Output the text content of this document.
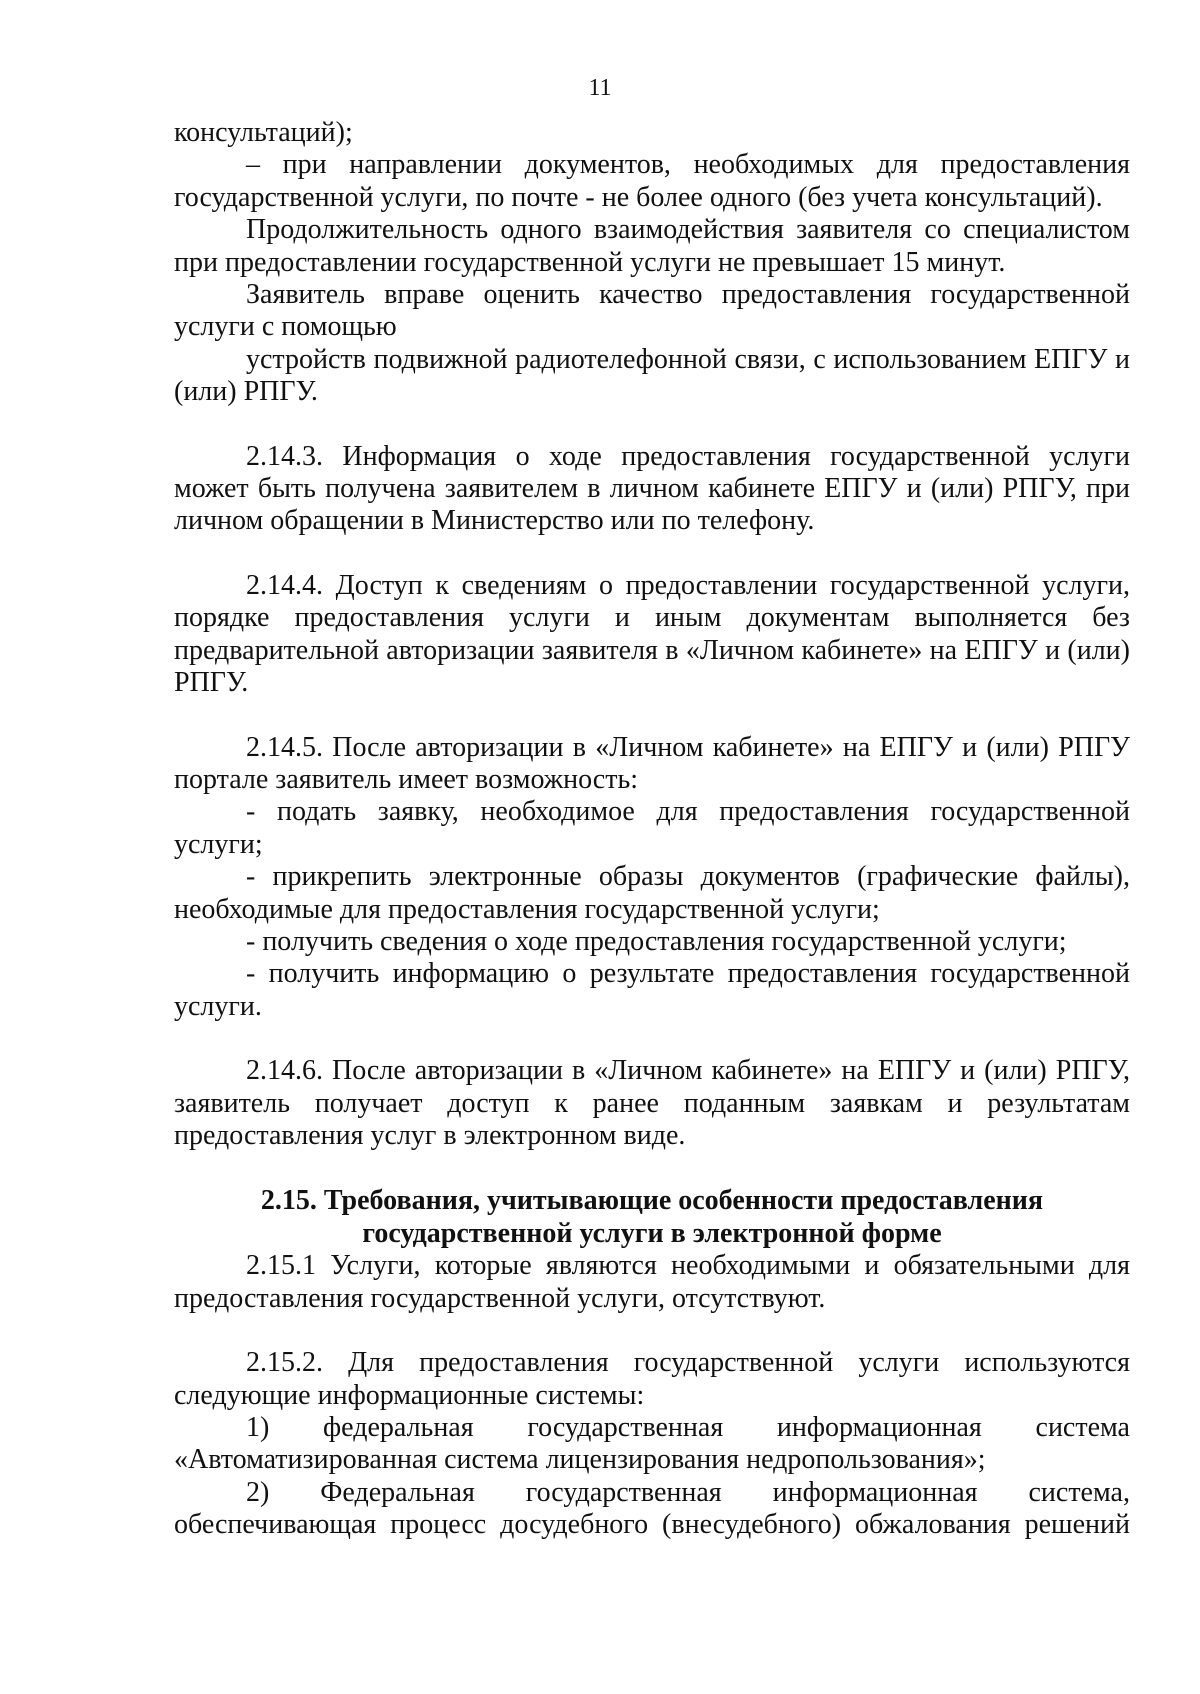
11

консультаций);

– при направлении документов, необходимых для предоставления государственной услуги, по почте - не более одного (без учета консультаций).

Продолжительность одного взаимодействия заявителя со специалистом при предоставлении государственной услуги не превышает 15 минут.

Заявитель вправе оценить качество предоставления государственной услуги с помощью

устройств подвижной радиотелефонной связи, с использованием ЕПГУ и (или) РПГУ.

2.14.3. Информация о ходе предоставления государственной услуги может быть получена заявителем в личном кабинете ЕПГУ и (или) РПГУ, при личном обращении в Министерство или по телефону.

2.14.4. Доступ к сведениям о предоставлении государственной услуги, порядке предоставления услуги и иным документам выполняется без предварительной авторизации заявителя в «Личном кабинете» на ЕПГУ и (или) РПГУ.

2.14.5. После авторизации в «Личном кабинете» на ЕПГУ и (или) РПГУ портале заявитель имеет возможность:

- подать заявку, необходимое для предоставления государственной услуги;

- прикрепить электронные образы документов (графические файлы), необходимые для предоставления государственной услуги;

- получить сведения о ходе предоставления государственной услуги;

- получить информацию о результате предоставления государственной услуги.

2.14.6. После авторизации в «Личном кабинете» на ЕПГУ и (или) РПГУ, заявитель получает доступ к ранее поданным заявкам и результатам предоставления услуг в электронном виде.

2.15. Требования, учитывающие особенности предоставления
государственной услуги в электронной форме

2.15.1 Услуги, которые являются необходимыми и обязательными для предоставления государственной услуги, отсутствуют.

2.15.2. Для предоставления государственной услуги используются следующие информационные системы:

1) федеральная государственная информационная система

«Автоматизированная система лицензирования недропользования»;

2) Федеральная государственная информационная система,

обеспечивающая процесс досудебного (внесудебного) обжалования решений
